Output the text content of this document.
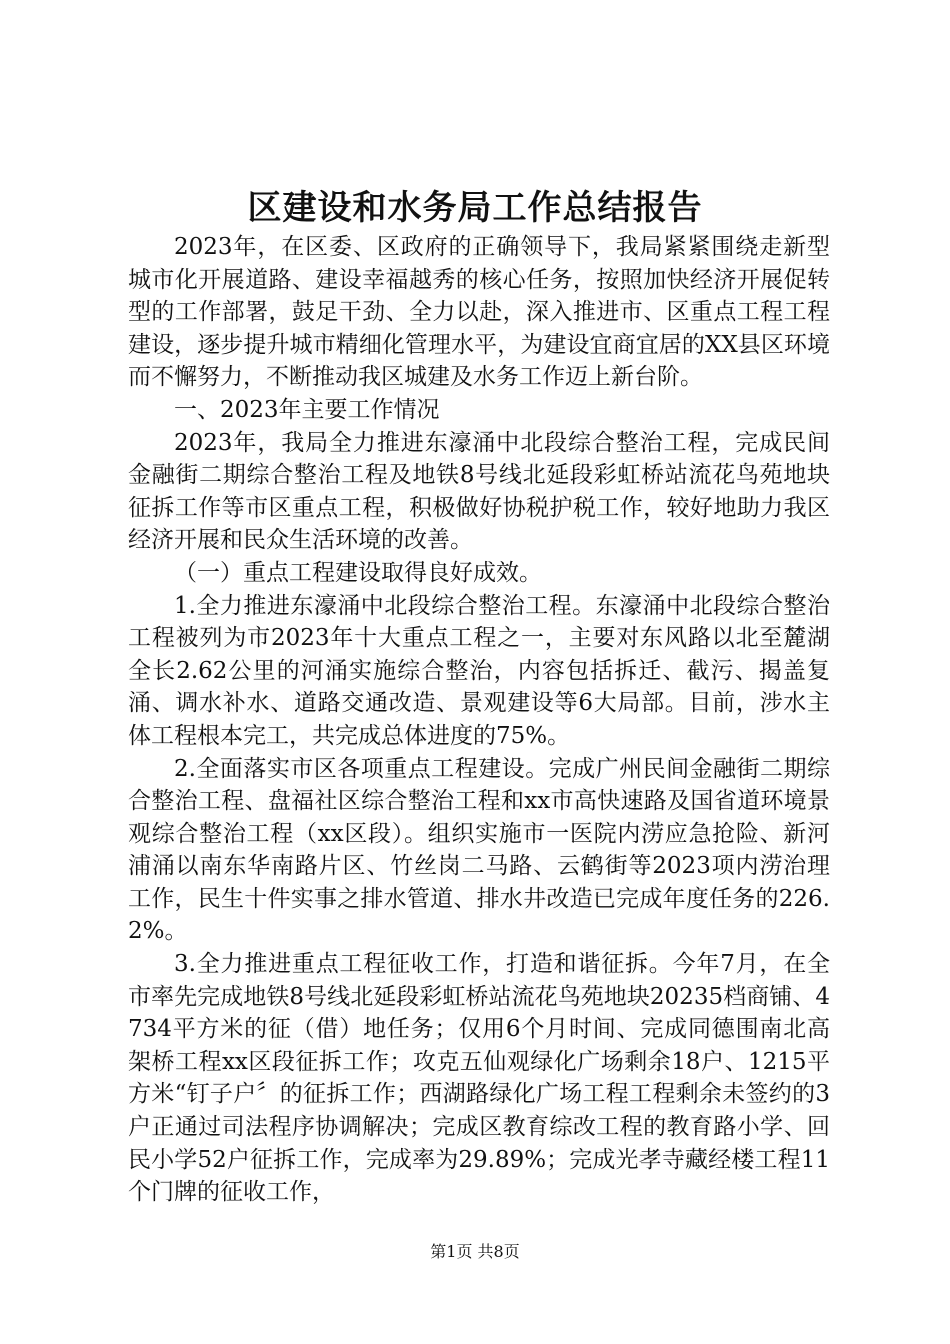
区建设和水务局工作总结报告

2023年，在区委、区政府的正确领导下，我局紧紧围绕走新型城市化开展道路、建设幸福越秀的核心任务，按照加快经济开展促转型的工作部署，鼓足干劲、全力以赴，深入推进市、区重点工程工程建设，逐步提升城市精细化管理水平，为建设宜商宜居的XX县区环境而不懈努力，不断推动我区城建及水务工作迈上新台阶。

一、2023年主要工作情况

2023年，我局全力推进东濠涌中北段综合整治工程，完成民间金融街二期综合整治工程及地铁8号线北延段彩虹桥站流花鸟苑地块征拆工作等市区重点工程，积极做好协税护税工作，较好地助力我区经济开展和民众生活环境的改善。

（一）重点工程建设取得良好成效。

1.全力推进东濠涌中北段综合整治工程。东濠涌中北段综合整治工程被列为市2023年十大重点工程之一，主要对东风路以北至麓湖全长2.62公里的河涌实施综合整治，内容包括拆迁、截污、揭盖复涌、调水补水、道路交通改造、景观建设等6大局部。目前，涉水主体工程根本完工，共完成总体进度的75%。

2.全面落实市区各项重点工程建设。完成广州民间金融街二期综合整治工程、盘福社区综合整治工程和xx市高快速路及国省道环境景观综合整治工程（xx区段）。组织实施市一医院内涝应急抢险、新河浦涌以南东华南路片区、竹丝岗二马路、云鹤街等2023项内涝治理工作，民生十件实事之排水管道、排水井改造已完成年度任务的226.2%。

3.全力推进重点工程征收工作，打造和谐征拆。今年7月，在全市率先完成地铁8号线北延段彩虹桥站流花鸟苑地块20235档商铺、4734平方米的征（借）地任务；仅用6个月时间、完成同德围南北高架桥工程xx区段征拆工作；攻克五仙观绿化广场剩余18户、1215平方米“钉子户〞的征拆工作；西湖路绿化广场工程工程剩余未签约的3户正通过司法程序协调解决；完成区教育综改工程的教育路小学、回民小学52户征拆工作，完成率为29.89%；完成光孝寺藏经楼工程11个门牌的征收工作，

第1页 共8页
